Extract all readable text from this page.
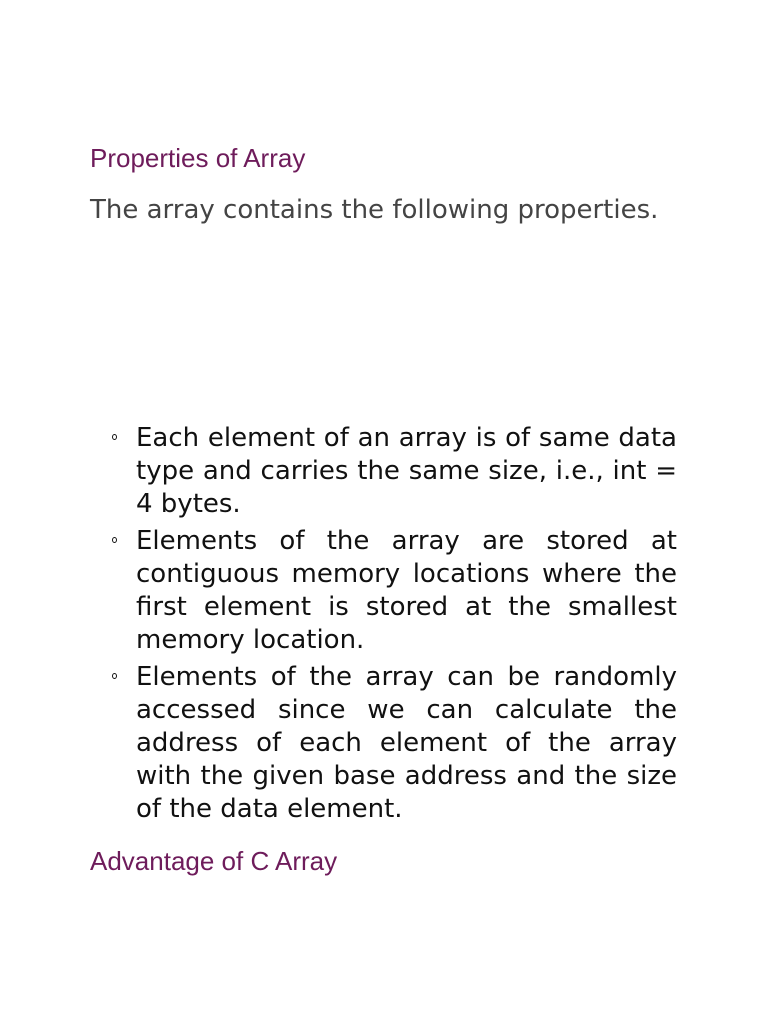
Properties of Array

The array contains the following properties.

Each element of an array is of same data type and carries the same size, i.e., int = 4 bytes.
Elements of the array are stored at contiguous memory locations where the first element is stored at the smallest memory location.
Elements of the array can be randomly accessed since we can calculate the address of each element of the array with the given base address and the size of the data element.
Advantage of C Array
